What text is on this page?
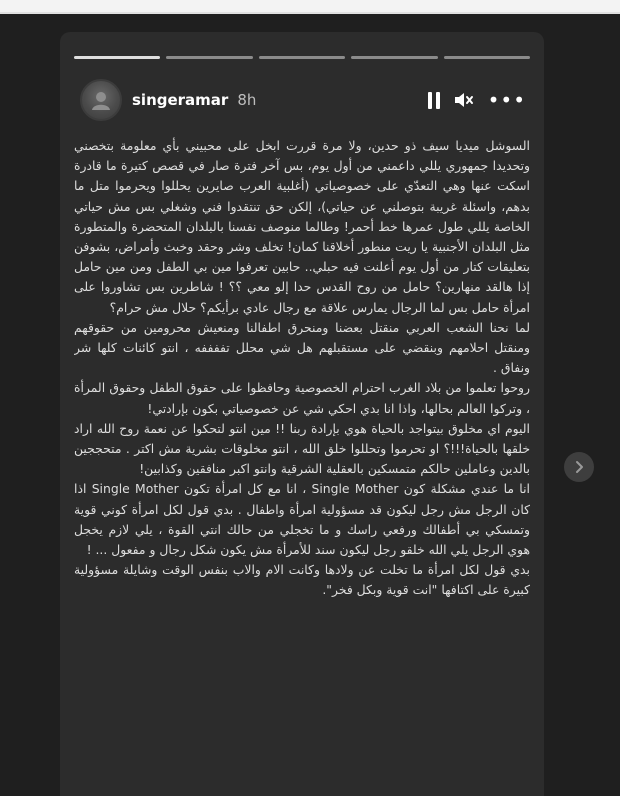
singeramar 8h	•••

السوشل ميديا سيف ذو حدين، ولا مرة قررت ابخل على محبيني بأي معلومة بتخصني وتحديدا جمهوري يللي داعمني من أول يوم، بس آخر فترة صار في قصص كتيرة ما قادرة اسكت عنها وهي التعدّي على خصوصياتي (أغلبية العرب صايرين يحللوا ويحرموا متل ما بدهم، واسئلة غريبة بتوصلني عن حياتي)، إلكن حق تنتقدوا فني وشغلي بس مش حياتي الخاصة يللي طول عمرها خط أحمر! وطالما منوصف نفسنا بالبلدان المتحضرة والمتطورة مثل البلدان الأجنبية يا ريت منطور أخلاقنا كمان! تخلف وشر وحقد وخبث وأمراض، بشوفن بتعليقات كتار من أول يوم أعلنت فيه حبلي.. حابين تعرفوا مين بي الطفل ومن مين حامل إذا هالقد منهارين؟ حامل من روح القدس حدا إلو معي ؟؟ ! شاطرين بس تشاوروا على امرأة حامل بس لما الرجال يمارس علاقة مع رجال عادي برأيكم؟ حلال مش حرام؟

لما نحنا الشعب العربي منقتل بعضنا ومنحرق اطفالنا ومنعيش محرومين من حقوقهم ومنقتل احلامهم وبنقضي على مستقبلهم هل شي محلل تففففه ، انتو كائنات كلها شر ونفاق .

روحوا تعلموا من بلاد الغرب احترام الخصوصية وحافظوا على حقوق الطفل وحقوق المرأة ، وتركوا العالم بحالها، واذا انا بدي احكي شي عن خصوصياتي بكون بإرادتي!

اليوم اي مخلوق بيتواجد بالحياة هوي بإرادة ربنا !! مين انتو لتحكوا عن نعمة روح الله اراد خلقها بالحياة!!!؟ او تحرموا وتحللوا خلق الله ، انتو مخلوقات بشرية مش اكتر . متحججين بالدين وعاملين حالكم متمسكين بالعقلية الشرقية وانتو اكبر منافقين وكذابين!

انا ما عندي مشكلة كون Single Mother ، انا مع كل امرأة تكون Single Mother اذا كان الرجل مش رجل ليكون قد مسؤولية امرأة واطفال . بدي قول لكل امرأة كوني قوية وتمسكي بي أطفالك ورفعي راسك و ما تخجلي من حالك انتي القوة ، يلي لازم يخجل هوي الرجل يلي الله خلقو رجل ليكون سند للأمرأة مش يكون شكل رجال و مفعول ... !

بدي قول لكل امرأة ما تخلت عن ولادها وكانت الام والاب بنفس الوقت وشايلة مسؤولية كبيرة على اكتافها "انت قوية وبكل فخر".
